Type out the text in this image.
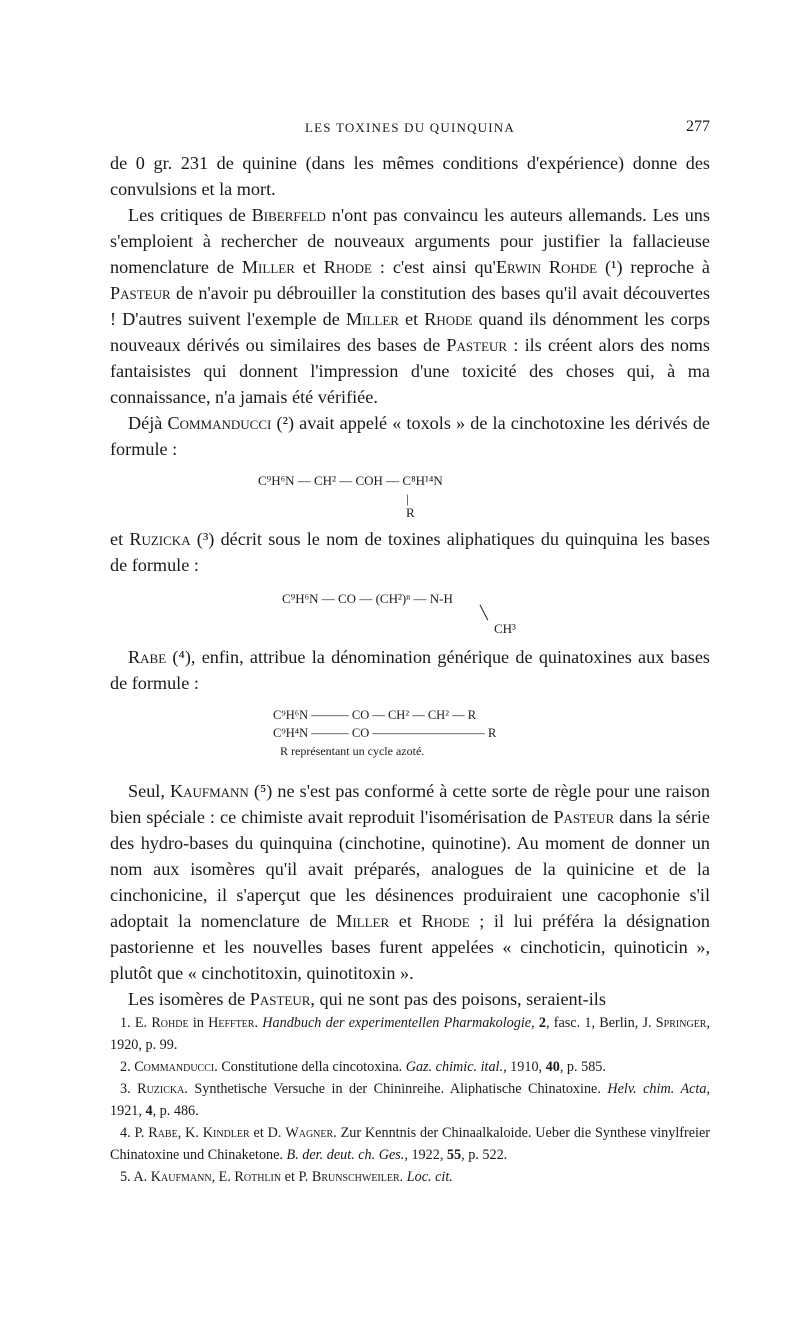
LES TOXINES DU QUINQUINA	277

de 0 gr. 231 de quinine (dans les mêmes conditions d'expérience) donne des convulsions et la mort.

Les critiques de Biberfeld n'ont pas convaincu les auteurs allemands. Les uns s'emploient à rechercher de nouveaux arguments pour justifier la fallacieuse nomenclature de Miller et Rhode : c'est ainsi qu'Erwin Rohde (¹) reproche à Pasteur de n'avoir pu débrouiller la constitution des bases qu'il avait découvertes ! D'autres suivent l'exemple de Miller et Rhode quand ils dénomment les corps nouveaux dérivés ou similaires des bases de Pasteur : ils créent alors des noms fantaisistes qui donnent l'impression d'une toxicité des choses qui, à ma connaissance, n'a jamais été vérifiée.

Déjà Commanducci (²) avait appelé « toxols » de la cinchotoxine les dérivés de formule :

C⁹H⁶N — CH² — COH — C⁸H¹⁴N
|
R

et Ruzicka (³) décrit sous le nom de toxines aliphatiques du quinquina les bases de formule :

C⁹H⁶N — CO — (CH²)ⁿ — N-H
╲
CH³

Rabe (⁴), enfin, attribue la dénomination générique de quinatoxines aux bases de formule :

C⁹H⁶N ——— CO — CH² — CH² — R
C⁹H⁴N ——— CO ————————— R
R représentant un cycle azoté.

Seul, Kaufmann (⁵) ne s'est pas conformé à cette sorte de règle pour une raison bien spéciale : ce chimiste avait reproduit l'isomérisation de Pasteur dans la série des hydro-bases du quinquina (cinchotine, quinotine). Au moment de donner un nom aux isomères qu'il avait préparés, analogues de la quinicine et de la cinchonicine, il s'aperçut que les désinences produiraient une cacophonie s'il adoptait la nomenclature de Miller et Rhode ; il lui préféra la désignation pastorienne et les nouvelles bases furent appelées « cinchoticin, quinoticin », plutôt que « cinchotitoxin, quinotitoxin ».

Les isomères de Pasteur, qui ne sont pas des poisons, seraient-ils

1. E. Rohde in Heffter. Handbuch der experimentellen Pharmakologie, 2, fasc. 1, Berlin, J. Springer, 1920, p. 99.

2. Commanducci. Constitutione della cincotoxina. Gaz. chimic. ital., 1910, 40, p. 585.

3. Ruzicka. Synthetische Versuche in der Chininreihe. Aliphatische Chinatoxine. Helv. chim. Acta, 1921, 4, p. 486.

4. P. Rabe, K. Kindler et D. Wagner. Zur Kenntnis der Chinaalkaloide. Ueber die Synthese vinylfreier Chinatoxine und Chinaketone. B. der. deut. ch. Ges., 1922, 55, p. 522.

5. A. Kaufmann, E. Rothlin et P. Brunschweiler. Loc. cit.
